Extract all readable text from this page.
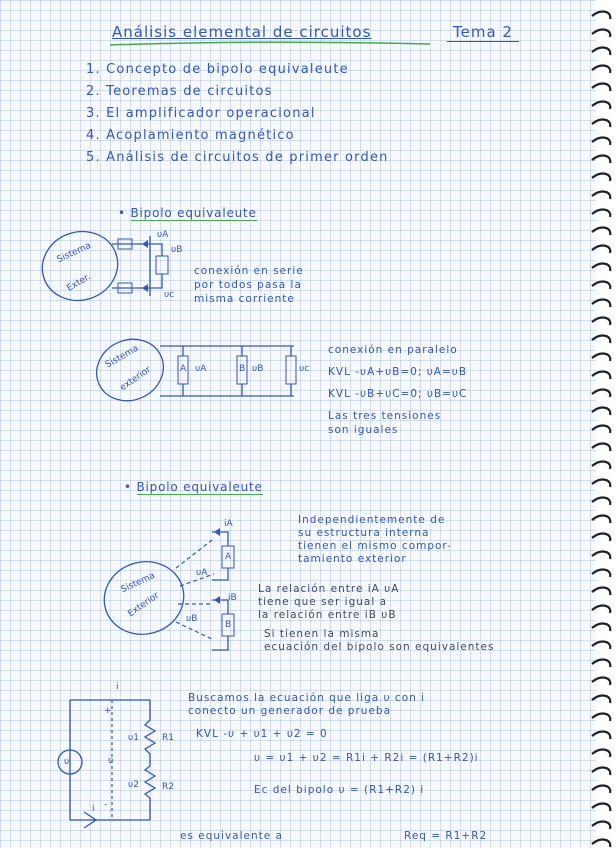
Análisis elemental de circuitos	Tema 2
1. Concepto de bipolo equivaleute
2. Teoremas de circuitos
3. El amplificador operacional
4. Acoplamiento magnético
5. Análisis de circuitos de primer orden
• Bipolo equivaleute
Sistema
Exter.
υA
υB
υc
conexión en serie
por todos pasa la
misma corriente
Sistema
exterior	A υA	B υB	υc
conexión en paralelo
KVL -υA+υB=0; υA=υB
KVL -υB+υC=0; υB=υC
Las tres tensiones
son iguales
• Bipolo equivaleute
Sistema
Exterior
iA
υA
A
iB
υB
B
Independientemente de
su estructura interna
tienen el mismo compor-
tamiento exterior
La relación entre iA υA
tiene que ser igual a
la relación entre iB υB
Si tienen la misma
ecuación del bipolo son equivalentes
i
+
υ
-
υ1
υ2
R1
R2
υ
i
Buscamos la ecuación que liga υ con i
conecto un generador de prueba
KVL -υ + υ1 + υ2 = 0
υ = υ1 + υ2 = R1i + R2i = (R1+R2)i
Ec del bipolo υ = (R1+R2) i
es equivalente a	Req = R1+R2
